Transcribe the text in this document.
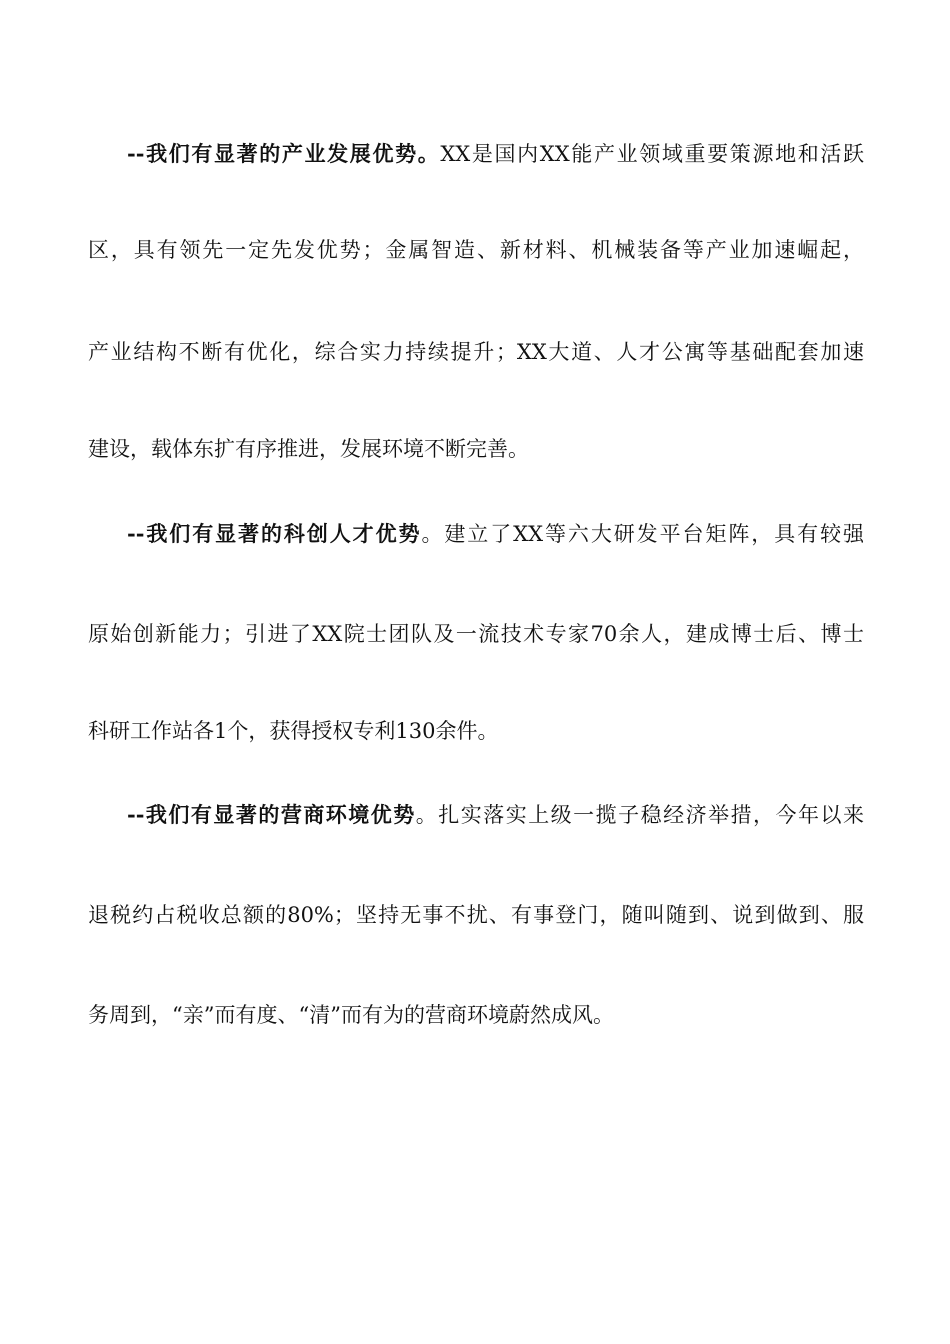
--我们有显著的产业发展优势。XX是国内XX能产业领域重要策源地和活跃
区，具有领先一定先发优势；金属智造、新材料、机械装备等产业加速崛起，
产业结构不断有优化，综合实力持续提升；XX大道、人才公寓等基础配套加速
建设，载体东扩有序推进，发展环境不断完善。
--我们有显著的科创人才优势。建立了XX等六大研发平台矩阵，具有较强
原始创新能力；引进了XX院士团队及一流技术专家70余人，建成博士后、博士
科研工作站各1个，获得授权专利130余件。
--我们有显著的营商环境优势。扎实落实上级一揽子稳经济举措，今年以来
退税约占税收总额的80%；坚持无事不扰、有事登门，随叫随到、说到做到、服
务周到，“亲”而有度、“清”而有为的营商环境蔚然成风。
